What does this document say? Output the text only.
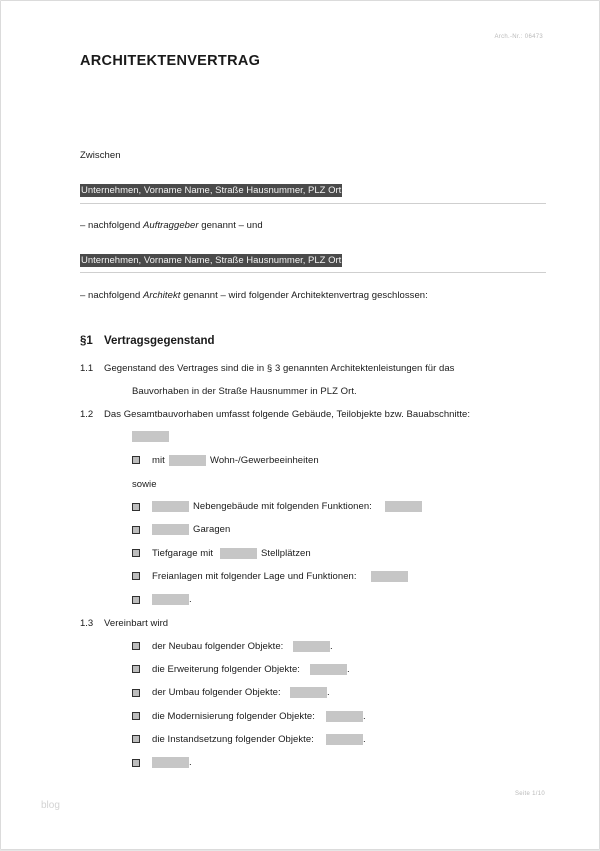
Arch.-Nr.: 06473
ARCHITEKTENVERTRAG
Zwischen
Unternehmen, Vorname Name, Straße Hausnummer, PLZ Ort
– nachfolgend Auftraggeber genannt – und
Unternehmen, Vorname Name, Straße Hausnummer, PLZ Ort
– nachfolgend Architekt genannt – wird folgender Architektenvertrag geschlossen:
§1 Vertragsgegenstand
1.1 Gegenstand des Vertrages sind die in § 3 genannten Architektenleistungen für das
Bauvorhaben in der Straße Hausnummer in PLZ Ort.
1.2 Das Gesamtbauvorhaben umfasst folgende Gebäude, Teilobjekte bzw. Bauabschnitte:
mit	Wohn-/Gewerbeeinheiten
sowie
Nebengebäude mit folgenden Funktionen:
Garagen
Tiefgarage mit	Stellplätzen
Freianlagen mit folgender Lage und Funktionen:
.
1.3 Vereinbart wird
der Neubau folgender Objekte:	.
die Erweiterung folgender Objekte:	.
der Umbau folgender Objekte:	.
die Modernisierung folgender Objekte:	.
die Instandsetzung folgender Objekte:	.
.
Seite 1/10
blog
